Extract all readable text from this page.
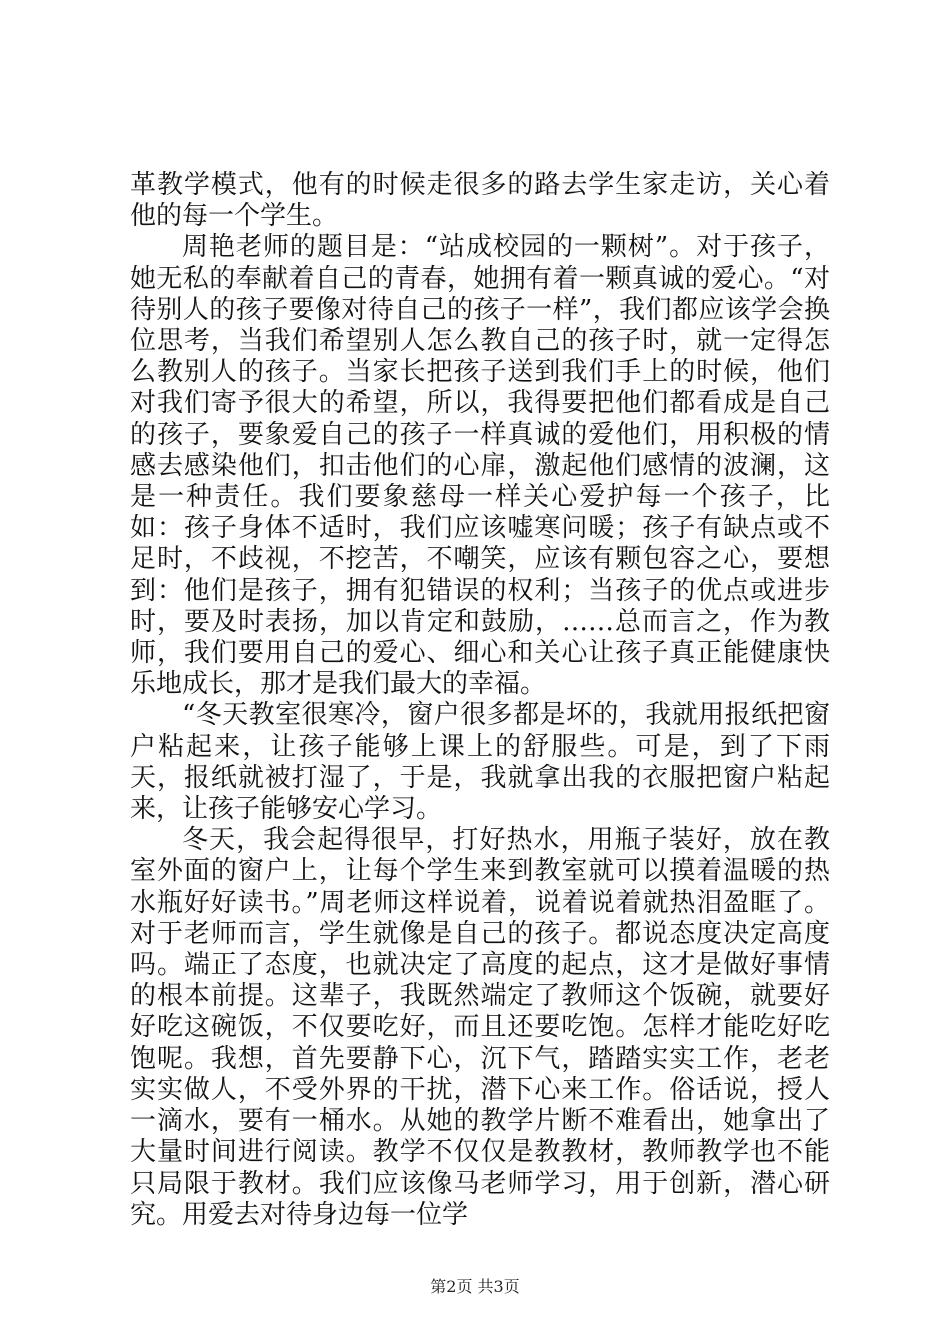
革教学模式，他有的时候走很多的路去学生家走访，关心着他的每一个学生。

周艳老师的题目是：“站成校园的一颗树”。对于孩子，她无私的奉献着自己的青春，她拥有着一颗真诚的爱心。“对待别人的孩子要像对待自己的孩子一样”，我们都应该学会换位思考，当我们希望别人怎么教自己的孩子时，就一定得怎么教别人的孩子。当家长把孩子送到我们手上的时候，他们对我们寄予很大的希望，所以，我得要把他们都看成是自己的孩子，要象爱自己的孩子一样真诚的爱他们，用积极的情感去感染他们，扣击他们的心扉，激起他们感情的波澜，这是一种责任。我们要象慈母一样关心爱护每一个孩子，比如：孩子身体不适时，我们应该嘘寒问暖；孩子有缺点或不足时，不歧视，不挖苦，不嘲笑，应该有颗包容之心，要想到：他们是孩子，拥有犯错误的权利；当孩子的优点或进步时，要及时表扬，加以肯定和鼓励，……总而言之，作为教师，我们要用自己的爱心、细心和关心让孩子真正能健康快乐地成长，那才是我们最大的幸福。

“冬天教室很寒冷，窗户很多都是坏的，我就用报纸把窗户粘起来，让孩子能够上课上的舒服些。可是，到了下雨天，报纸就被打湿了，于是，我就拿出我的衣服把窗户粘起来，让孩子能够安心学习。

冬天，我会起得很早，打好热水，用瓶子装好，放在教室外面的窗户上，让每个学生来到教室就可以摸着温暖的热水瓶好好读书。”周老师这样说着，说着说着就热泪盈眶了。对于老师而言，学生就像是自己的孩子。都说态度决定高度吗。端正了态度，也就决定了高度的起点，这才是做好事情的根本前提。这辈子，我既然端定了教师这个饭碗，就要好好吃这碗饭，不仅要吃好，而且还要吃饱。怎样才能吃好吃饱呢。我想，首先要静下心，沉下气，踏踏实实工作，老老实实做人，不受外界的干扰，潜下心来工作。俗话说，授人一滴水，要有一桶水。从她的教学片断不难看出，她拿出了大量时间进行阅读。教学不仅仅是教教材，教师教学也不能只局限于教材。我们应该像马老师学习，用于创新，潜心研究。用爱去对待身边每一位学

第2页 共3页
